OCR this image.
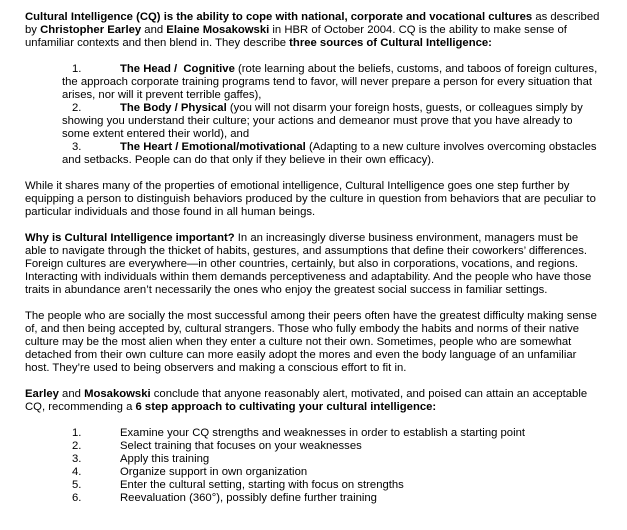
Cultural Intelligence (CQ) is the ability to cope with national, corporate and vocational cultures as described by Christopher Earley and Elaine Mosakowski in HBR of October 2004. CQ is the ability to make sense of unfamiliar contexts and then blend in. They describe three sources of Cultural Intelligence:
1.	The Head /  Cognitive (rote learning about the beliefs, customs, and taboos of foreign cultures, the approach corporate training programs tend to favor, will never prepare a person for every situation that arises, nor will it prevent terrible gaffes),
2.	The Body / Physical (you will not disarm your foreign hosts, guests, or colleagues simply by showing you understand their culture; your actions and demeanor must prove that you have already to some extent entered their world), and
3.	The Heart / Emotional/motivational (Adapting to a new culture involves overcoming obstacles and setbacks. People can do that only if they believe in their own efficacy).
While it shares many of the properties of emotional intelligence, Cultural Intelligence goes one step further by equipping a person to distinguish behaviors produced by the culture in question from behaviors that are peculiar to particular individuals and those found in all human beings.
Why is Cultural Intelligence important? In an increasingly diverse business environment, managers must be able to navigate through the thicket of habits, gestures, and assumptions that define their coworkers’ differences. Foreign cultures are everywhere—in other countries, certainly, but also in corporations, vocations, and regions. Interacting with individuals within them demands perceptiveness and adaptability. And the people who have those traits in abundance aren’t necessarily the ones who enjoy the greatest social success in familiar settings.
The people who are socially the most successful among their peers often have the greatest difficulty making sense of, and then being accepted by, cultural strangers. Those who fully embody the habits and norms of their native culture may be the most alien when they enter a culture not their own. Sometimes, people who are somewhat detached from their own culture can more easily adopt the mores and even the body language of an unfamiliar host. They’re used to being observers and making a conscious effort to fit in.
Earley and Mosakowski conclude that anyone reasonably alert, motivated, and poised can attain an acceptable CQ, recommending a 6 step approach to cultivating your cultural intelligence:
1.	Examine your CQ strengths and weaknesses in order to establish a starting point
2.	Select training that focuses on your weaknesses
3.	Apply this training
4.	Organize support in own organization
5.	Enter the cultural setting, starting with focus on strengths
6.	Reevaluation (360°), possibly define further training
